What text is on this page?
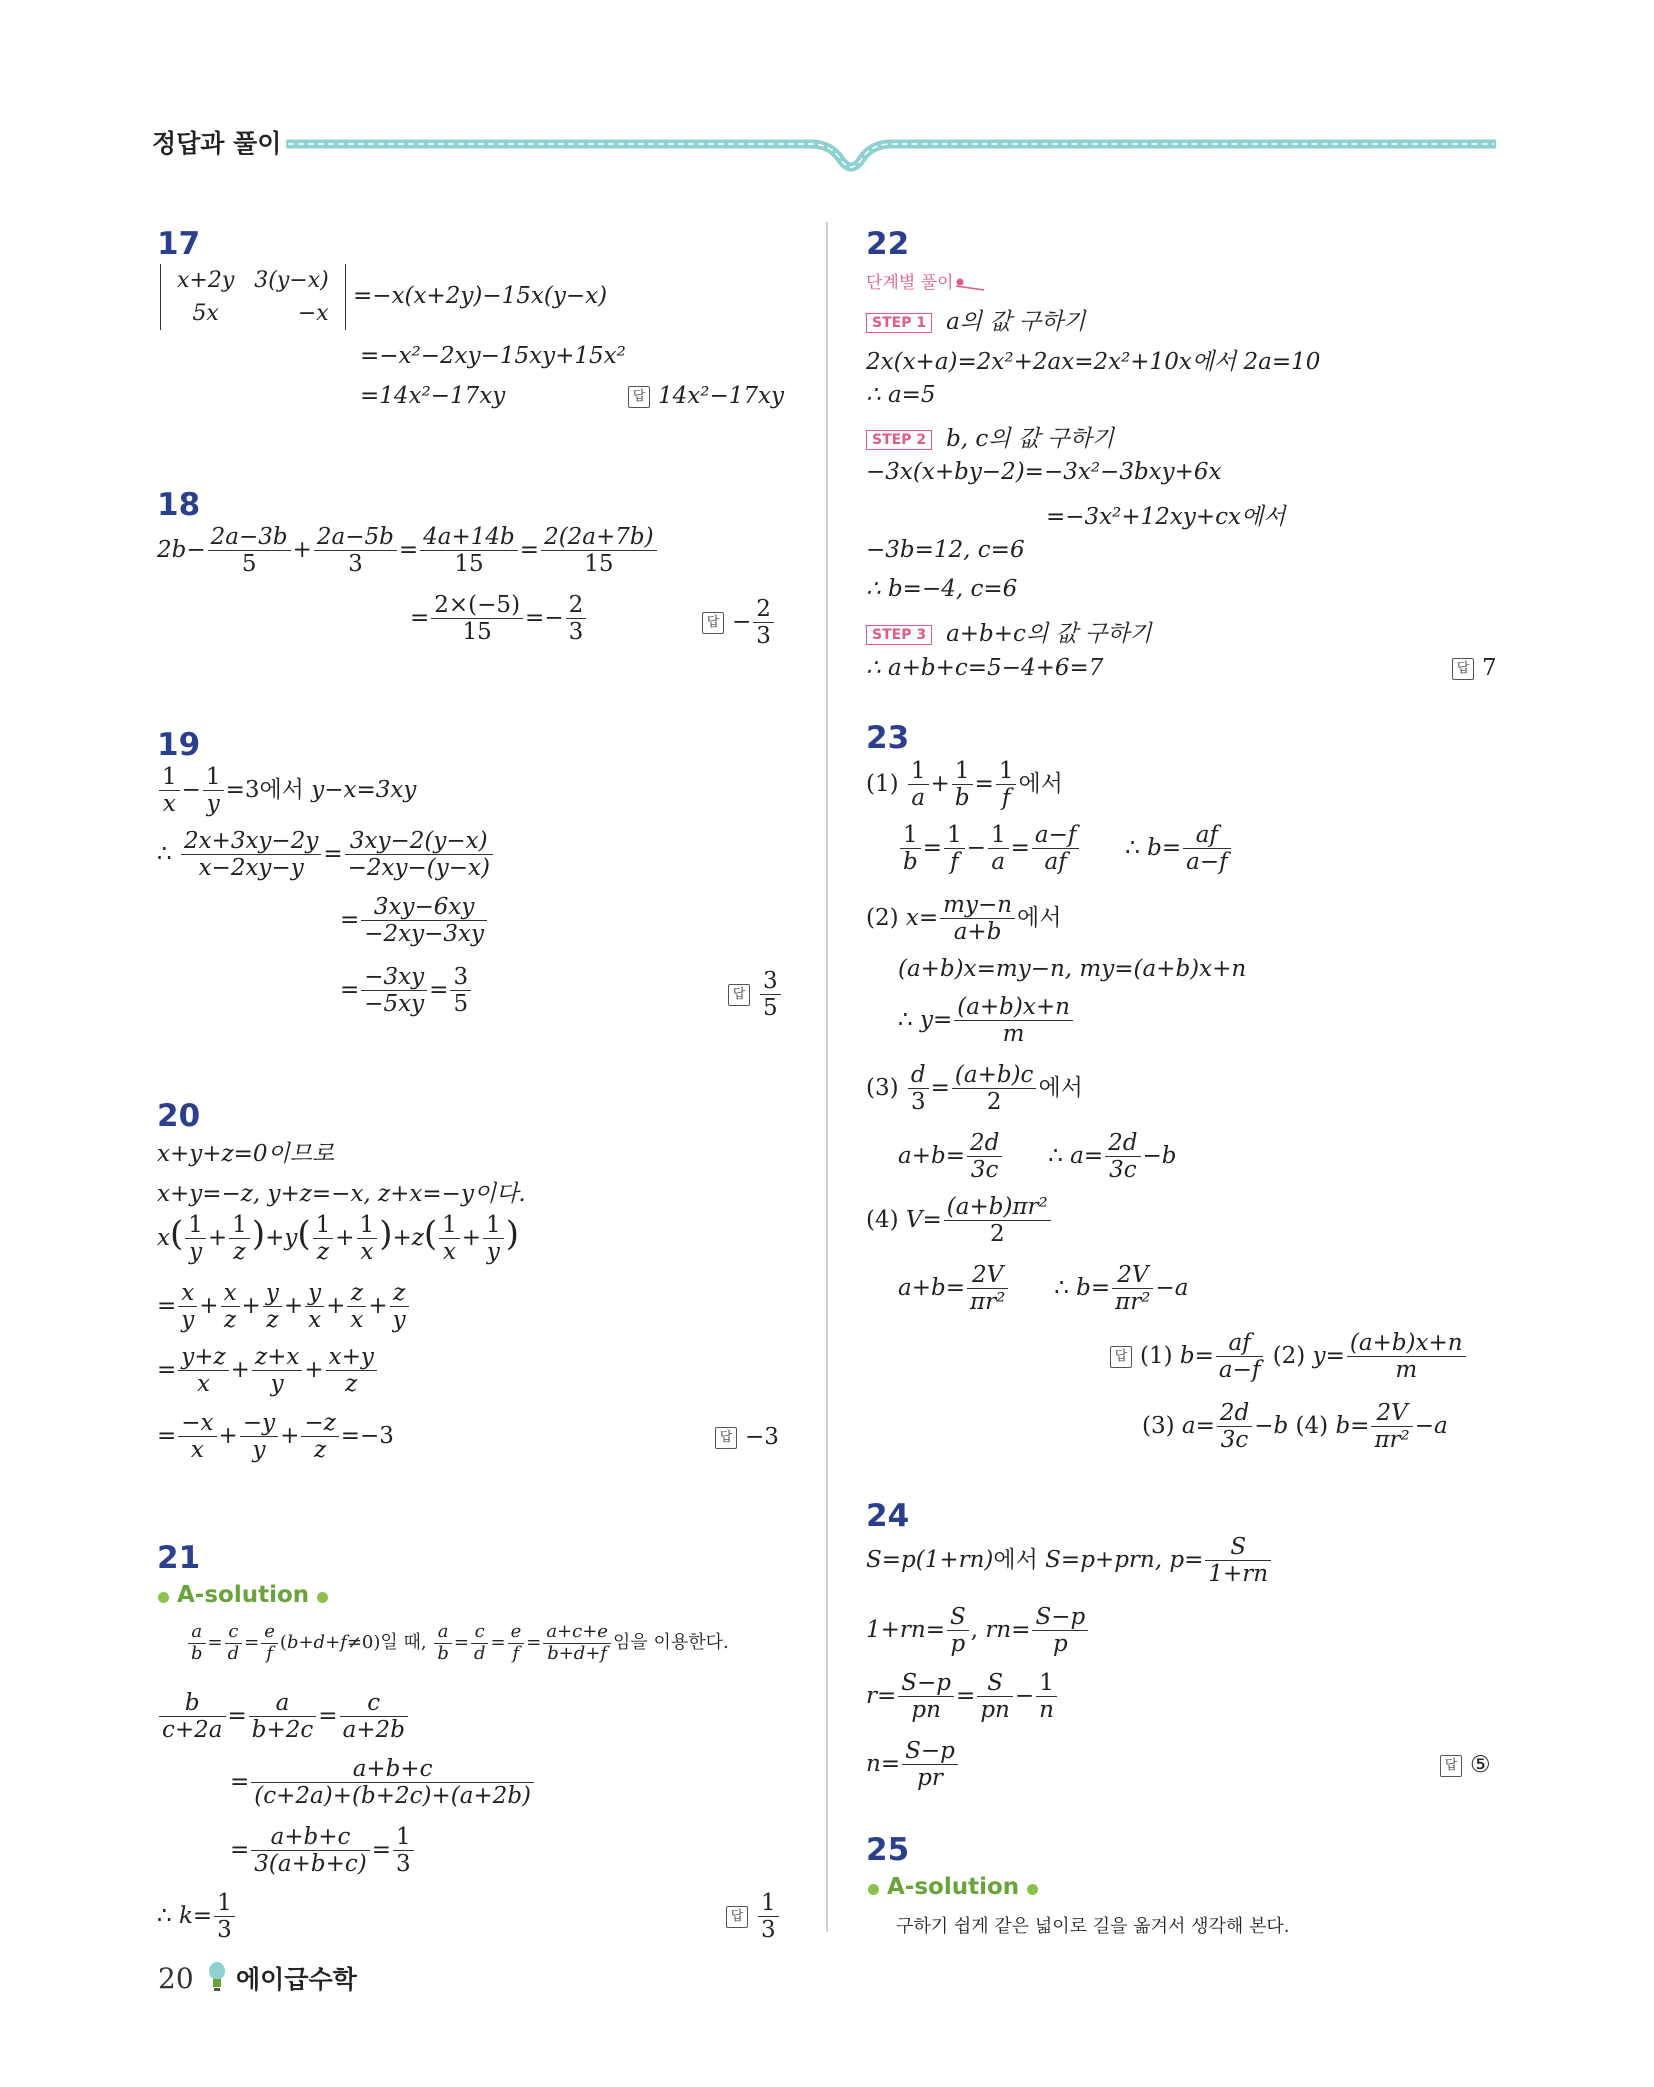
정답과 풀이
17
x+2y	3(y−x)
5x	−x
=−x(x+2y)−15x(y−x)
=−x²−2xy−15xy+15x²
=14x²−17xy	답 14x²−17xy
18
$2b- \frac{2a-3b}{5} + \frac{2a-5b}{3} = \frac{4a+14b}{15} = \frac{2(2a+7b)}{15}$
= $\frac{2\times(-5)}{15} =- \frac{2}{3}$	답 − $\frac{2}{3}$
19
$\frac{1}{x} - \frac{1}{y} =3$에서 y−x=3xy
∴ $\frac{2x+3xy-2y}{x-2xy-y} = \frac{3xy-2(y-x)}{-2xy-(y-x)}$
= $\frac{3xy-6xy}{-2xy-3xy}$
= $\frac{-3xy}{-5xy} = \frac{3}{5}$	답 $\frac{3}{5}$
20
x+y+z=0이므로
x+y=−z, y+z=−x, z+x=−y이다.
$x( \frac{1}{y} + \frac{1}{z} )+y( \frac{1}{z} + \frac{1}{x} )+z( \frac{1}{x} + \frac{1}{y}$ )
= $\frac{x}{y} + \frac{x}{z} + \frac{y}{z} + \frac{y}{x} + \frac{z}{x} + \frac{z}{y}$
= $\frac{y+z}{x} + \frac{z+x}{y} + \frac{x+y}{z}$
= $\frac{-x}{x} + \frac{-y}{y} + \frac{-z}{z} =-3$	답 −3
21
A-solution
$\frac{a}{b} = \frac{c}{d} = \frac{e}{f} (b+d+f\ne 0)$일 때, $\frac{a}{b} = \frac{c}{d} = \frac{e}{f} = \frac{a+c+e}{b+d+f}$ 임을 이용한다.
$\frac{b}{c+2a} = \frac{a}{b+2c} = \frac{c}{a+2b}$
= $\frac{a+b+c}{(c+2a)+(b+2c)+(a+2b)}$
= $\frac{a+b+c}{3(a+b+c)} = \frac{1}{3}$
∴ $k= \frac{1}{3}$	답 $\frac{1}{3}$
22
단계별 풀이
STEP 1 a의 값 구하기
2x(x+a)=2x²+2ax=2x²+10x에서 2a=10
∴ a=5
STEP 2 b, c의 값 구하기
−3x(x+by−2)=−3x²−3bxy+6x
=−3x²+12xy+cx에서
−3b=12, c=6
∴ b=−4, c=6
STEP 3 a+b+c의 값 구하기
∴ a+b+c=5−4+6=7	답 7
23
$(1) \frac{1}{a} + \frac{1}{b} = \frac{1}{f}$ 에서
$\frac{1}{b} = \frac{1}{f} - \frac{1}{a} = \frac{a-f}{af}$ ∴ $b= \frac{af}{a-f}$
(2) $x= \frac{my-n}{a+b}$ 에서
(a+b)x=my−n, my=(a+b)x+n
∴ $y= \frac{(a+b)x+n}{m}$
$(3) \frac{d}{3} = \frac{(a+b)c}{2}$ 에서
$a+b= \frac{2d}{3c}$ ∴ $a= \frac{2d}{3c} -b$
(4) $V= \frac{\text{(a+b)πr²}}{2}$
$a+b= \frac{2V}{\text{πr²}}$ ∴ $b= \frac{2V}{\text{πr²}} -a$
답 (1) $b= \frac{af}{a-f} (2)$ $y= \frac{(a+b)x+n}{m}$
(3) $a= \frac{2d}{3c} -b$ (4) $b= \frac{2V}{\text{πr²}} -a$
24
S=p(1+rn)에서 S=p+prn, $p= \frac{S}{1+rn}$
$1+rn= \frac{S}{p}$ , $rn= \frac{S-p}{p}$
$r= \frac{S-p}{pn} = \frac{S}{pn} - \frac{1}{n}$
$n= \frac{S-p}{pr}$	답 ⑤
25
A-solution
구하기 쉽게 같은 넓이로 길을 옮겨서 생각해 본다.
20 에이급수학
